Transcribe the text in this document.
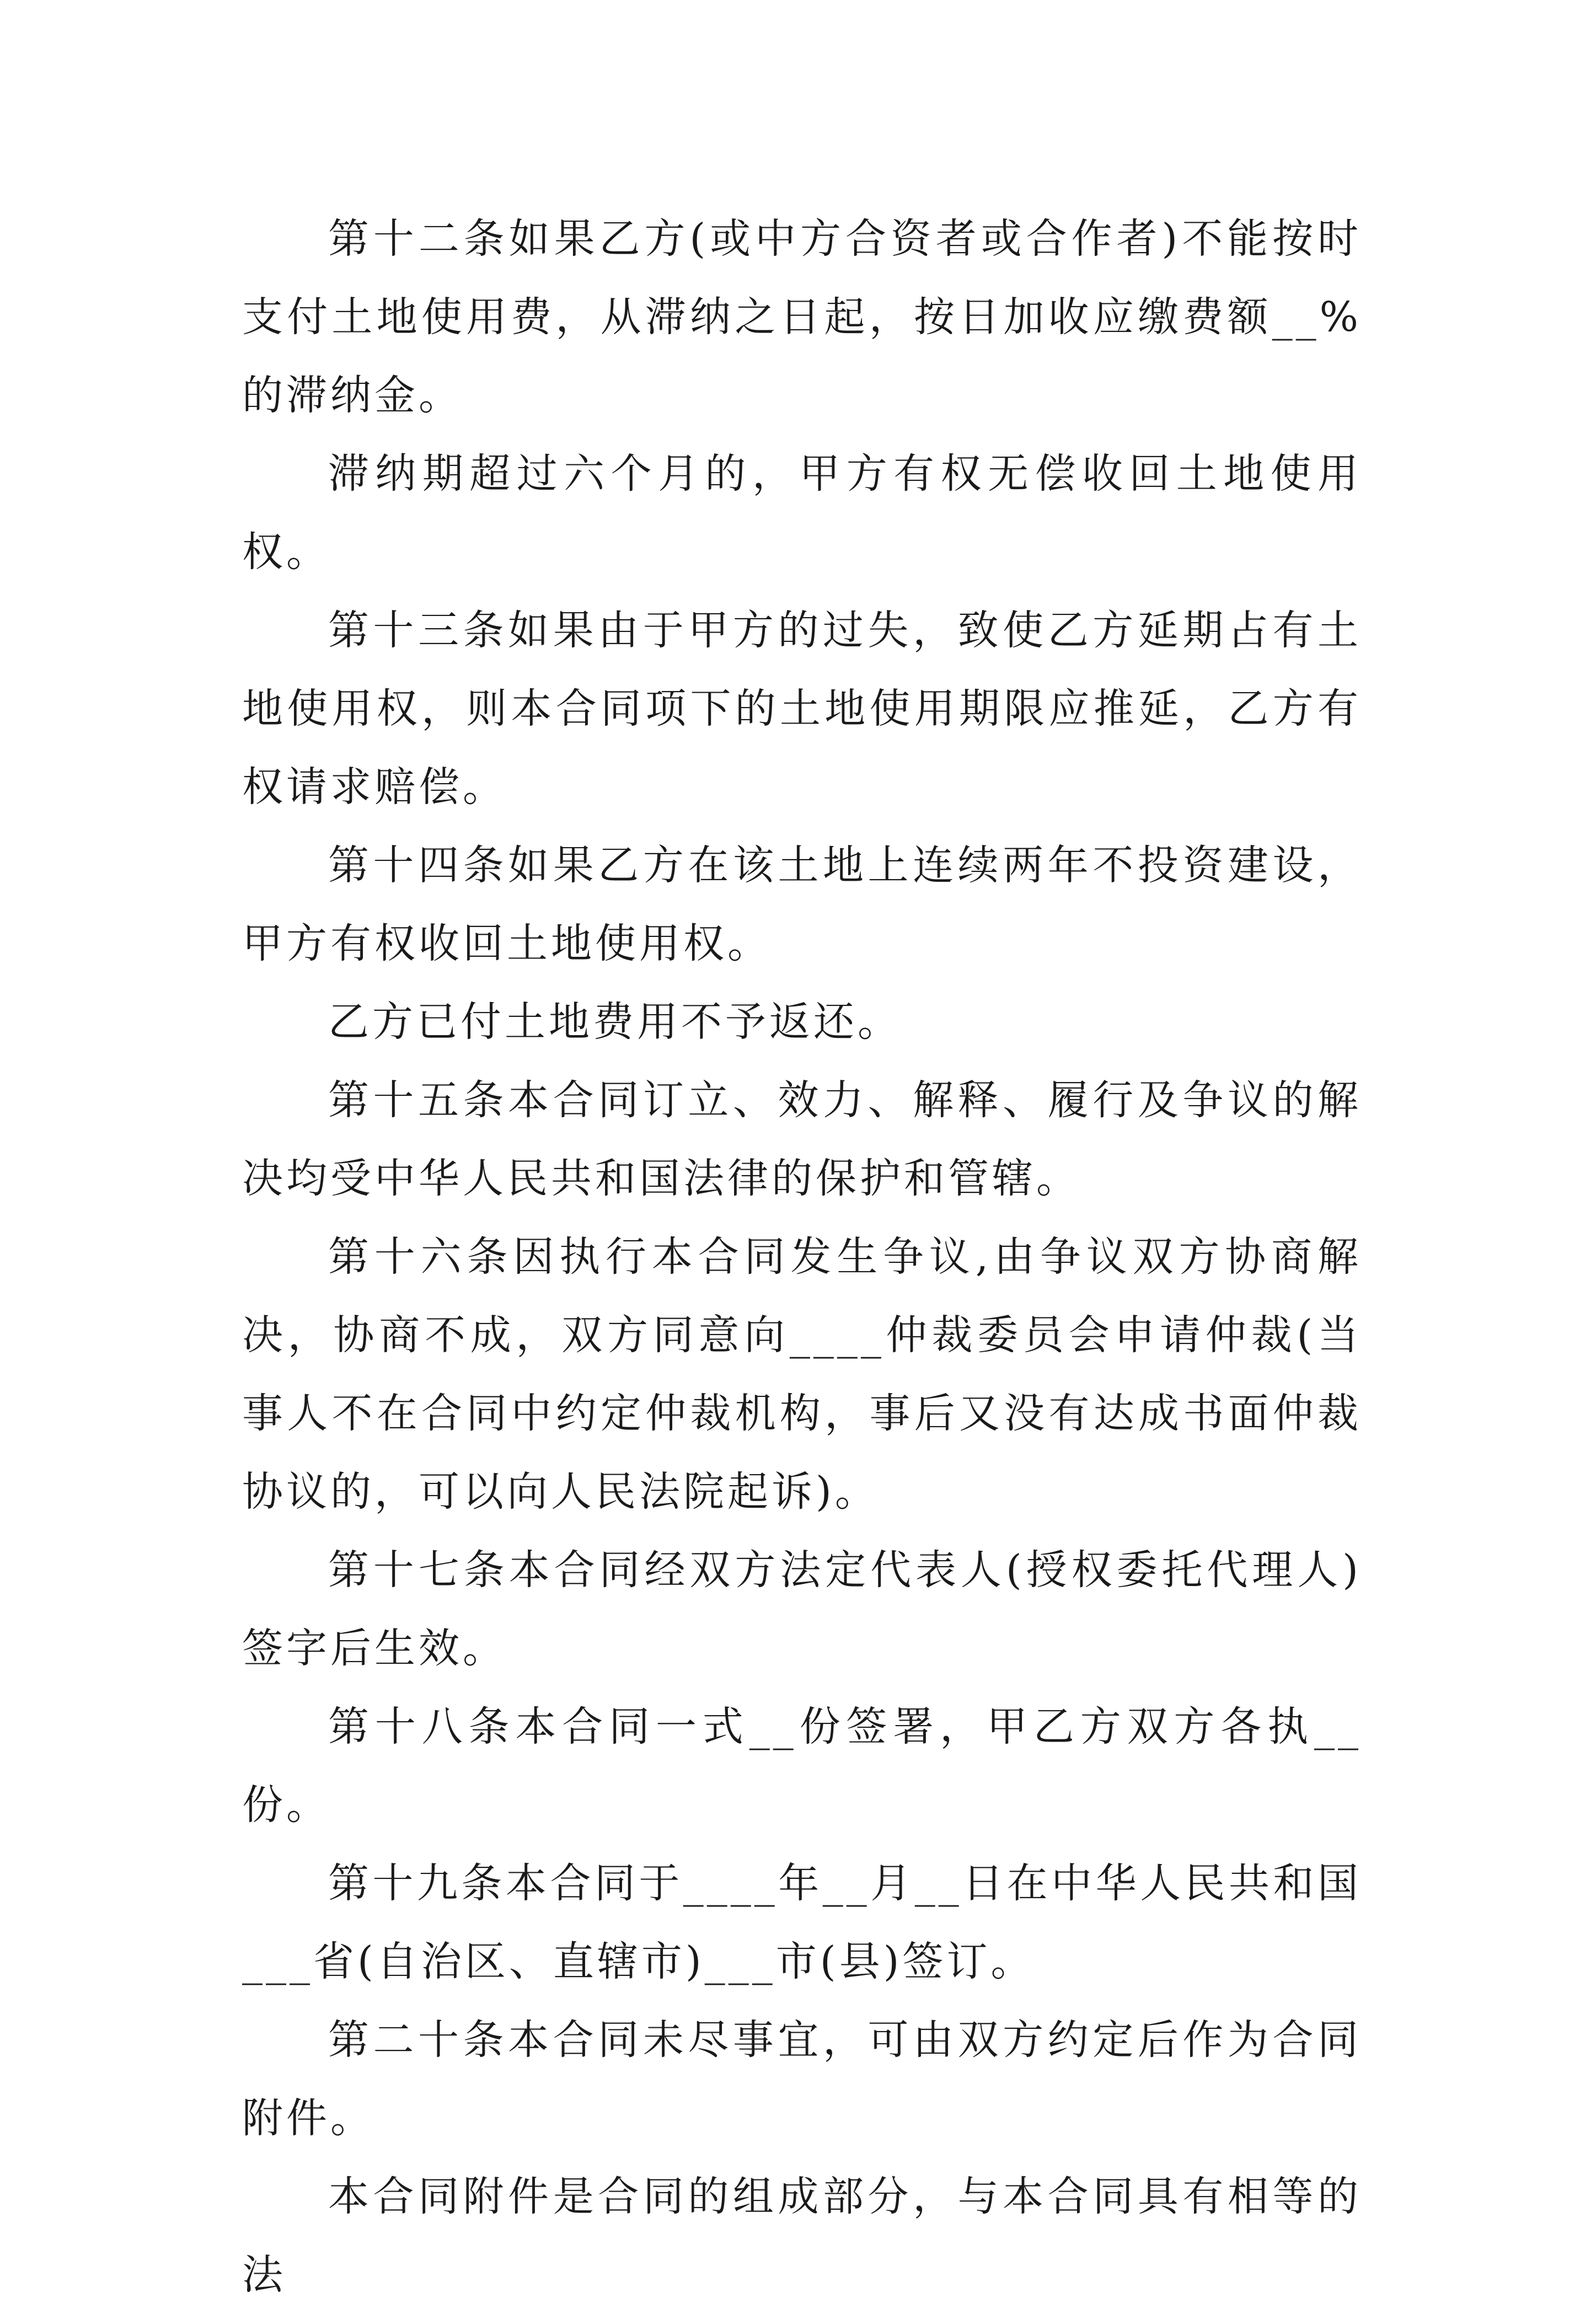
第十二条如果乙方(或中方合资者或合作者)不能按时支付土地使用费，从滞纳之日起，按日加收应缴费额__%的滞纳金。

滞纳期超过六个月的，甲方有权无偿收回土地使用权。

第十三条如果由于甲方的过失，致使乙方延期占有土地使用权，则本合同项下的土地使用期限应推延，乙方有权请求赔偿。

第十四条如果乙方在该土地上连续两年不投资建设，甲方有权收回土地使用权。

乙方已付土地费用不予返还。

第十五条本合同订立、效力、解释、履行及争议的解决均受中华人民共和国法律的保护和管辖。

第十六条因执行本合同发生争议,由争议双方协商解决，协商不成，双方同意向____仲裁委员会申请仲裁(当事人不在合同中约定仲裁机构，事后又没有达成书面仲裁协议的，可以向人民法院起诉)。

第十七条本合同经双方法定代表人(授权委托代理人)签字后生效。

第十八条本合同一式__份签署，甲乙方双方各执__份。

第十九条本合同于____年__月__日在中华人民共和国___省(自治区、直辖市)___市(县)签订。

第二十条本合同未尽事宜，可由双方约定后作为合同附件。

本合同附件是合同的组成部分，与本合同具有相等的法
